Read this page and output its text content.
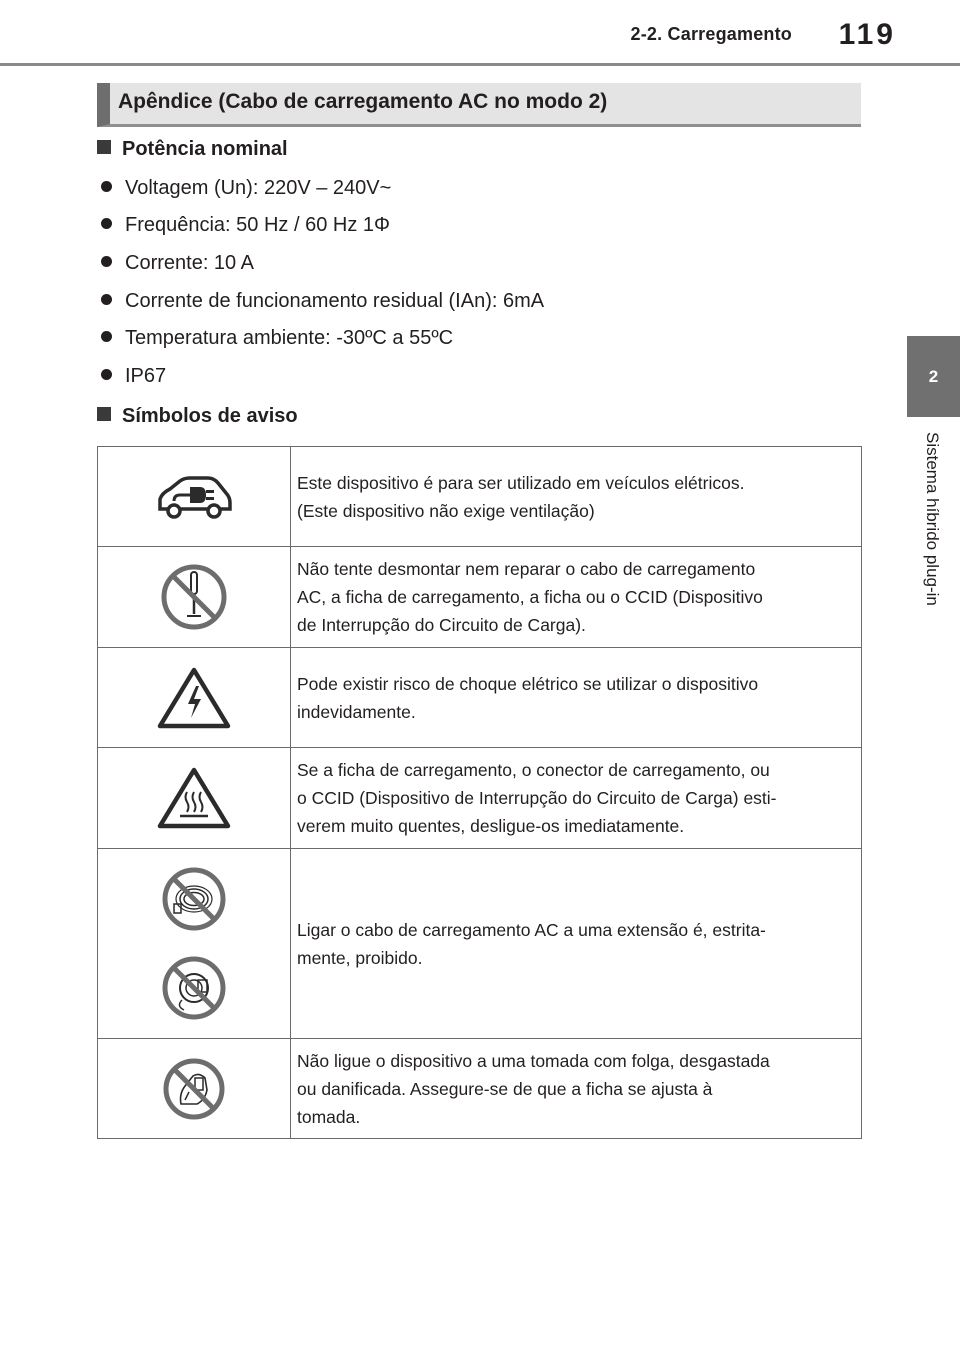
2-2. Carregamento	119
2
Sistema híbrido plug-in
Apêndice (Cabo de carregamento AC no modo 2)
Potência nominal
Voltagem (Un): 220V – 240V~
Frequência: 50 Hz / 60 Hz 1Φ
Corrente: 10 A
Corrente de funcionamento residual (IAn): 6mA
Temperatura ambiente: -30ºC a 55ºC
IP67
Símbolos de aviso

Este dispositivo é para ser utilizado em veículos elétricos.
(Este dispositivo não exige ventilação)

Não tente desmontar nem reparar o cabo de carregamento
AC, a ficha de carregamento, a ficha ou o CCID (Dispositivo
de Interrupção do Circuito de Carga).

Pode existir risco de choque elétrico se utilizar o dispositivo
indevidamente.

Se a ficha de carregamento, o conector de carregamento, ou
o CCID (Dispositivo de Interrupção do Circuito de Carga) esti-
verem muito quentes, desligue-os imediatamente.

Ligar o cabo de carregamento AC a uma extensão é, estrita-
mente, proibido.

Não ligue o dispositivo a uma tomada com folga, desgastada
ou danificada. Assegure-se de que a ficha se ajusta à
tomada.
